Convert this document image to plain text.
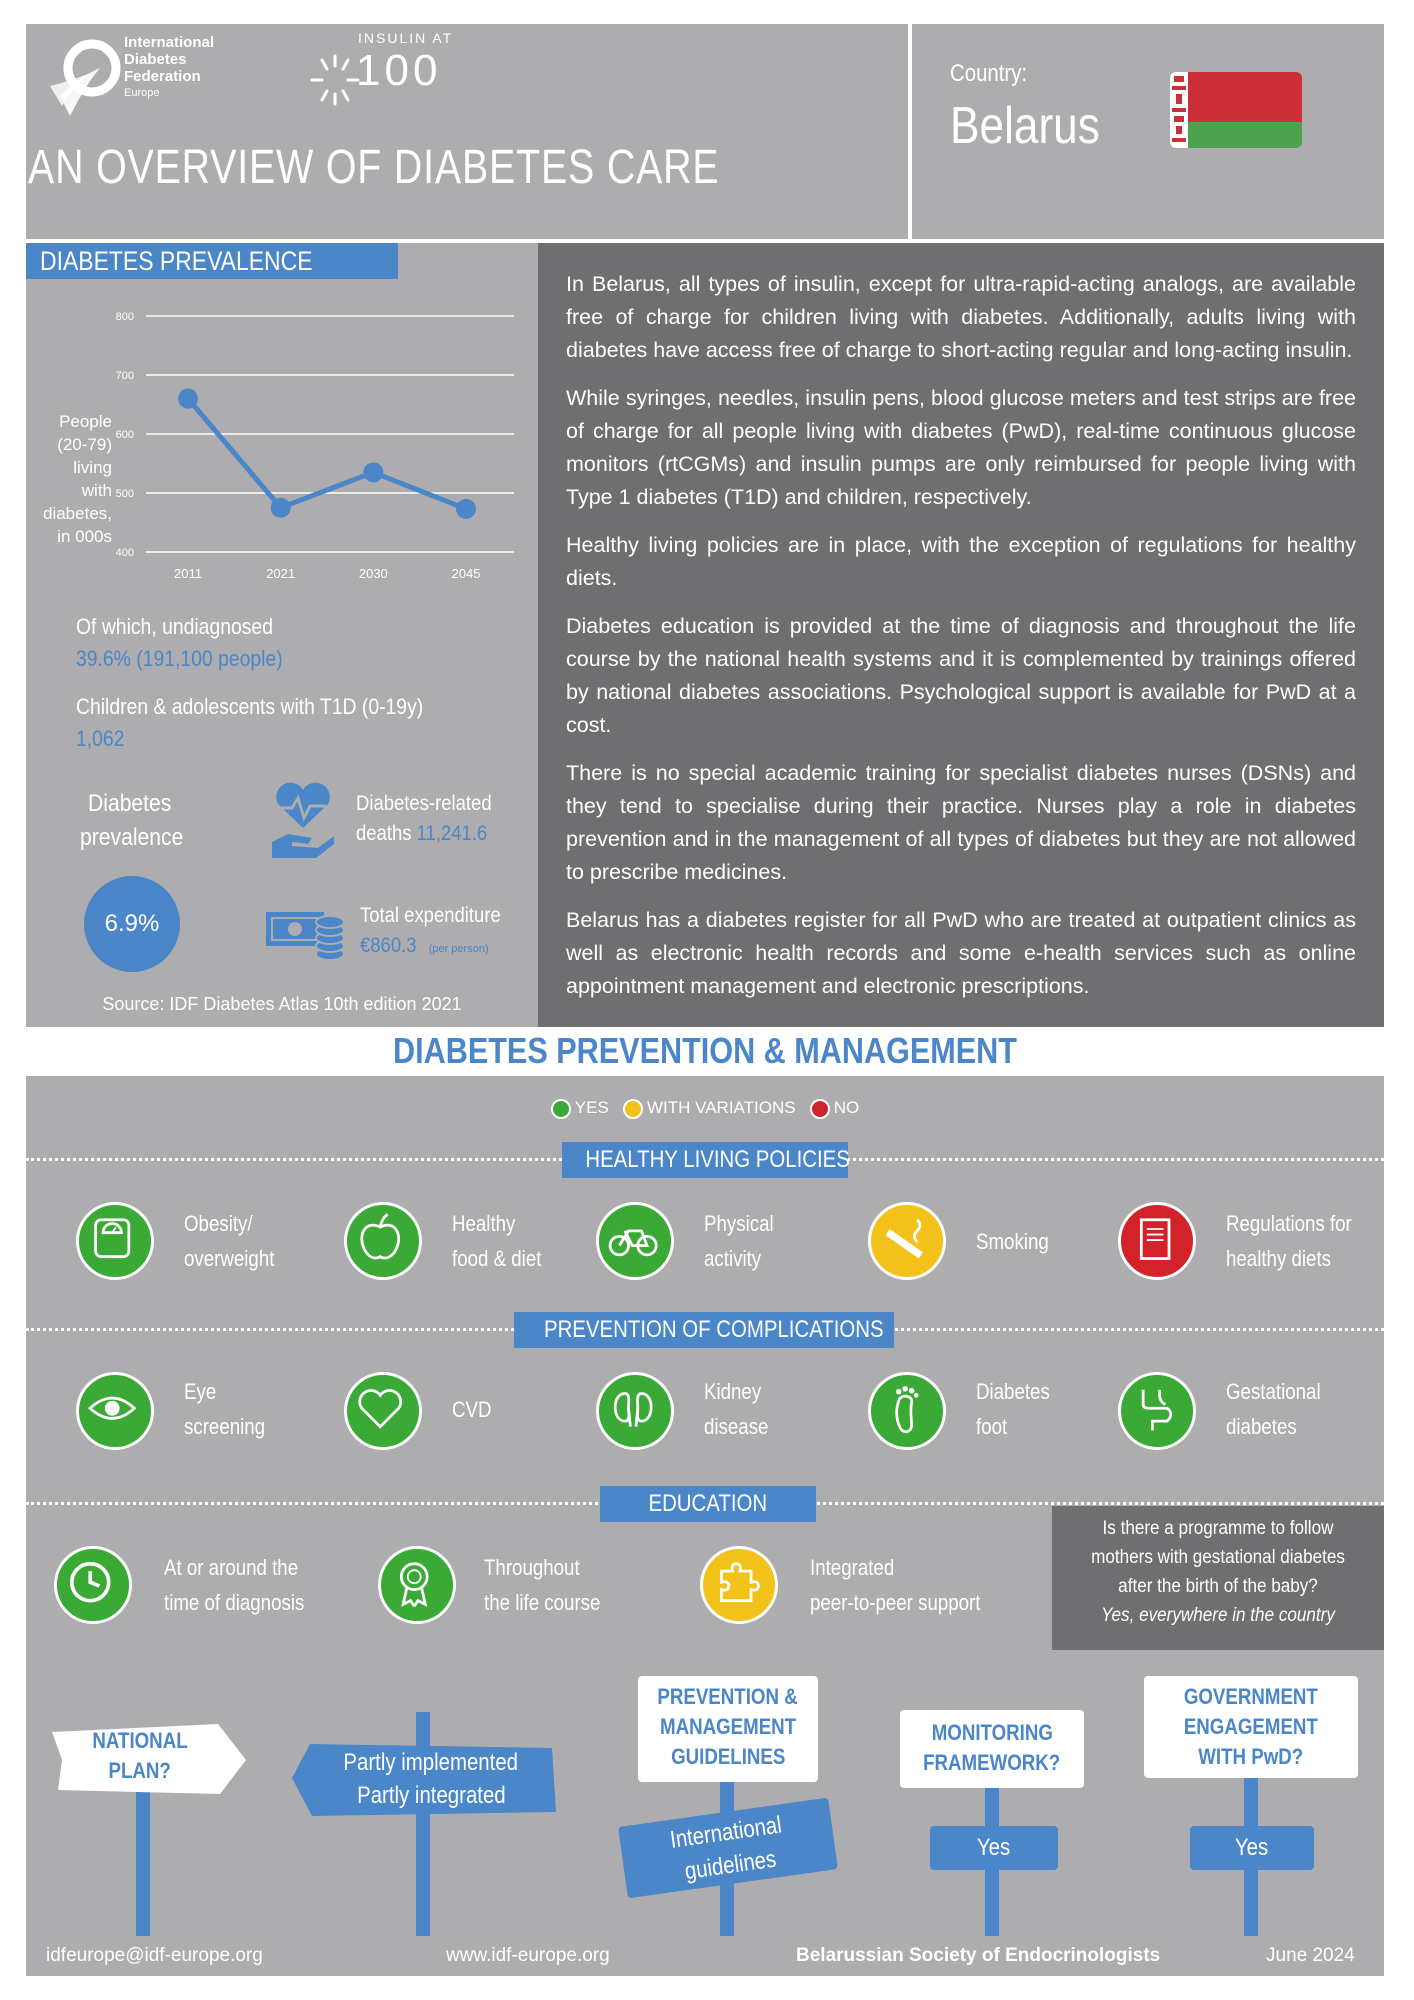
International
Diabetes
Federation
Europe
INSULIN AT
100
AN OVERVIEW OF DIABETES CARE
Country:
Belarus
DIABETES PREVALENCE
400
500
600
700
800
2011	2021	2030	2045
People
(20-79)
living
with
diabetes,
in 000s
Of which, undiagnosed
39.6% (191,100 people)
Children & adolescents with T1D (0-19y)
1,062
Diabetes
prevalence
6.9%
Diabetes-related
deaths 11,241.6
Total expenditure
€860.3 (per person)
Source: IDF Diabetes Atlas 10th edition 2021

In Belarus, all types of insulin, except for ultra-rapid-acting analogs, are available free of charge for children living with diabetes. Additionally, adults living with diabetes have access free of charge to short-acting regular and long-acting insulin.

While syringes, needles, insulin pens, blood glucose meters and test strips are free of charge for all people living with diabetes (PwD), real-time continuous glucose monitors (rtCGMs) and insulin pumps are only reimbursed for people living with Type 1 diabetes (T1D) and children, respectively.

Healthy living policies are in place, with the exception of regulations for healthy diets.

Diabetes education is provided at the time of diagnosis and throughout the life course by the national health systems and it is complemented by trainings offered by national diabetes associations. Psychological support is available for PwD at a cost.

There is no special academic training for specialist diabetes nurses (DSNs) and they tend to specialise during their practice. Nurses play a role in diabetes prevention and in the management of all types of diabetes but they are not allowed to prescribe medicines.

Belarus has a diabetes register for all PwD who are treated at outpatient clinics as well as electronic health records and some e-health services such as online appointment management and electronic prescriptions.

DIABETES PREVENTION & MANAGEMENT
YES WITH VARIATIONS NO
HEALTHY LIVING POLICIES
Obesity/
overweight
Healthy
food & diet
Physical
activity
Smoking
Regulations for
healthy diets
PREVENTION OF COMPLICATIONS
Eye
screening
CVD
Kidney
disease
Diabetes
foot
Gestational
diabetes
EDUCATION
At or around the
time of diagnosis
Throughout
the life course
Integrated
peer-to-peer support
Is there a programme to follow
mothers with gestational diabetes
after the birth of the baby?
Yes, everywhere in the country
NATIONAL
PLAN?	Partly implemented
Partly integrated
PREVENTION &
MANAGEMENT
GUIDELINES
International
guidelines
MONITORING
FRAMEWORK?
Yes
GOVERNMENT
ENGAGEMENT
WITH PwD?
Yes
idfeurope@idf-europe.org	www.idf-europe.org	Belarussian Society of Endocrinologists	June 2024
